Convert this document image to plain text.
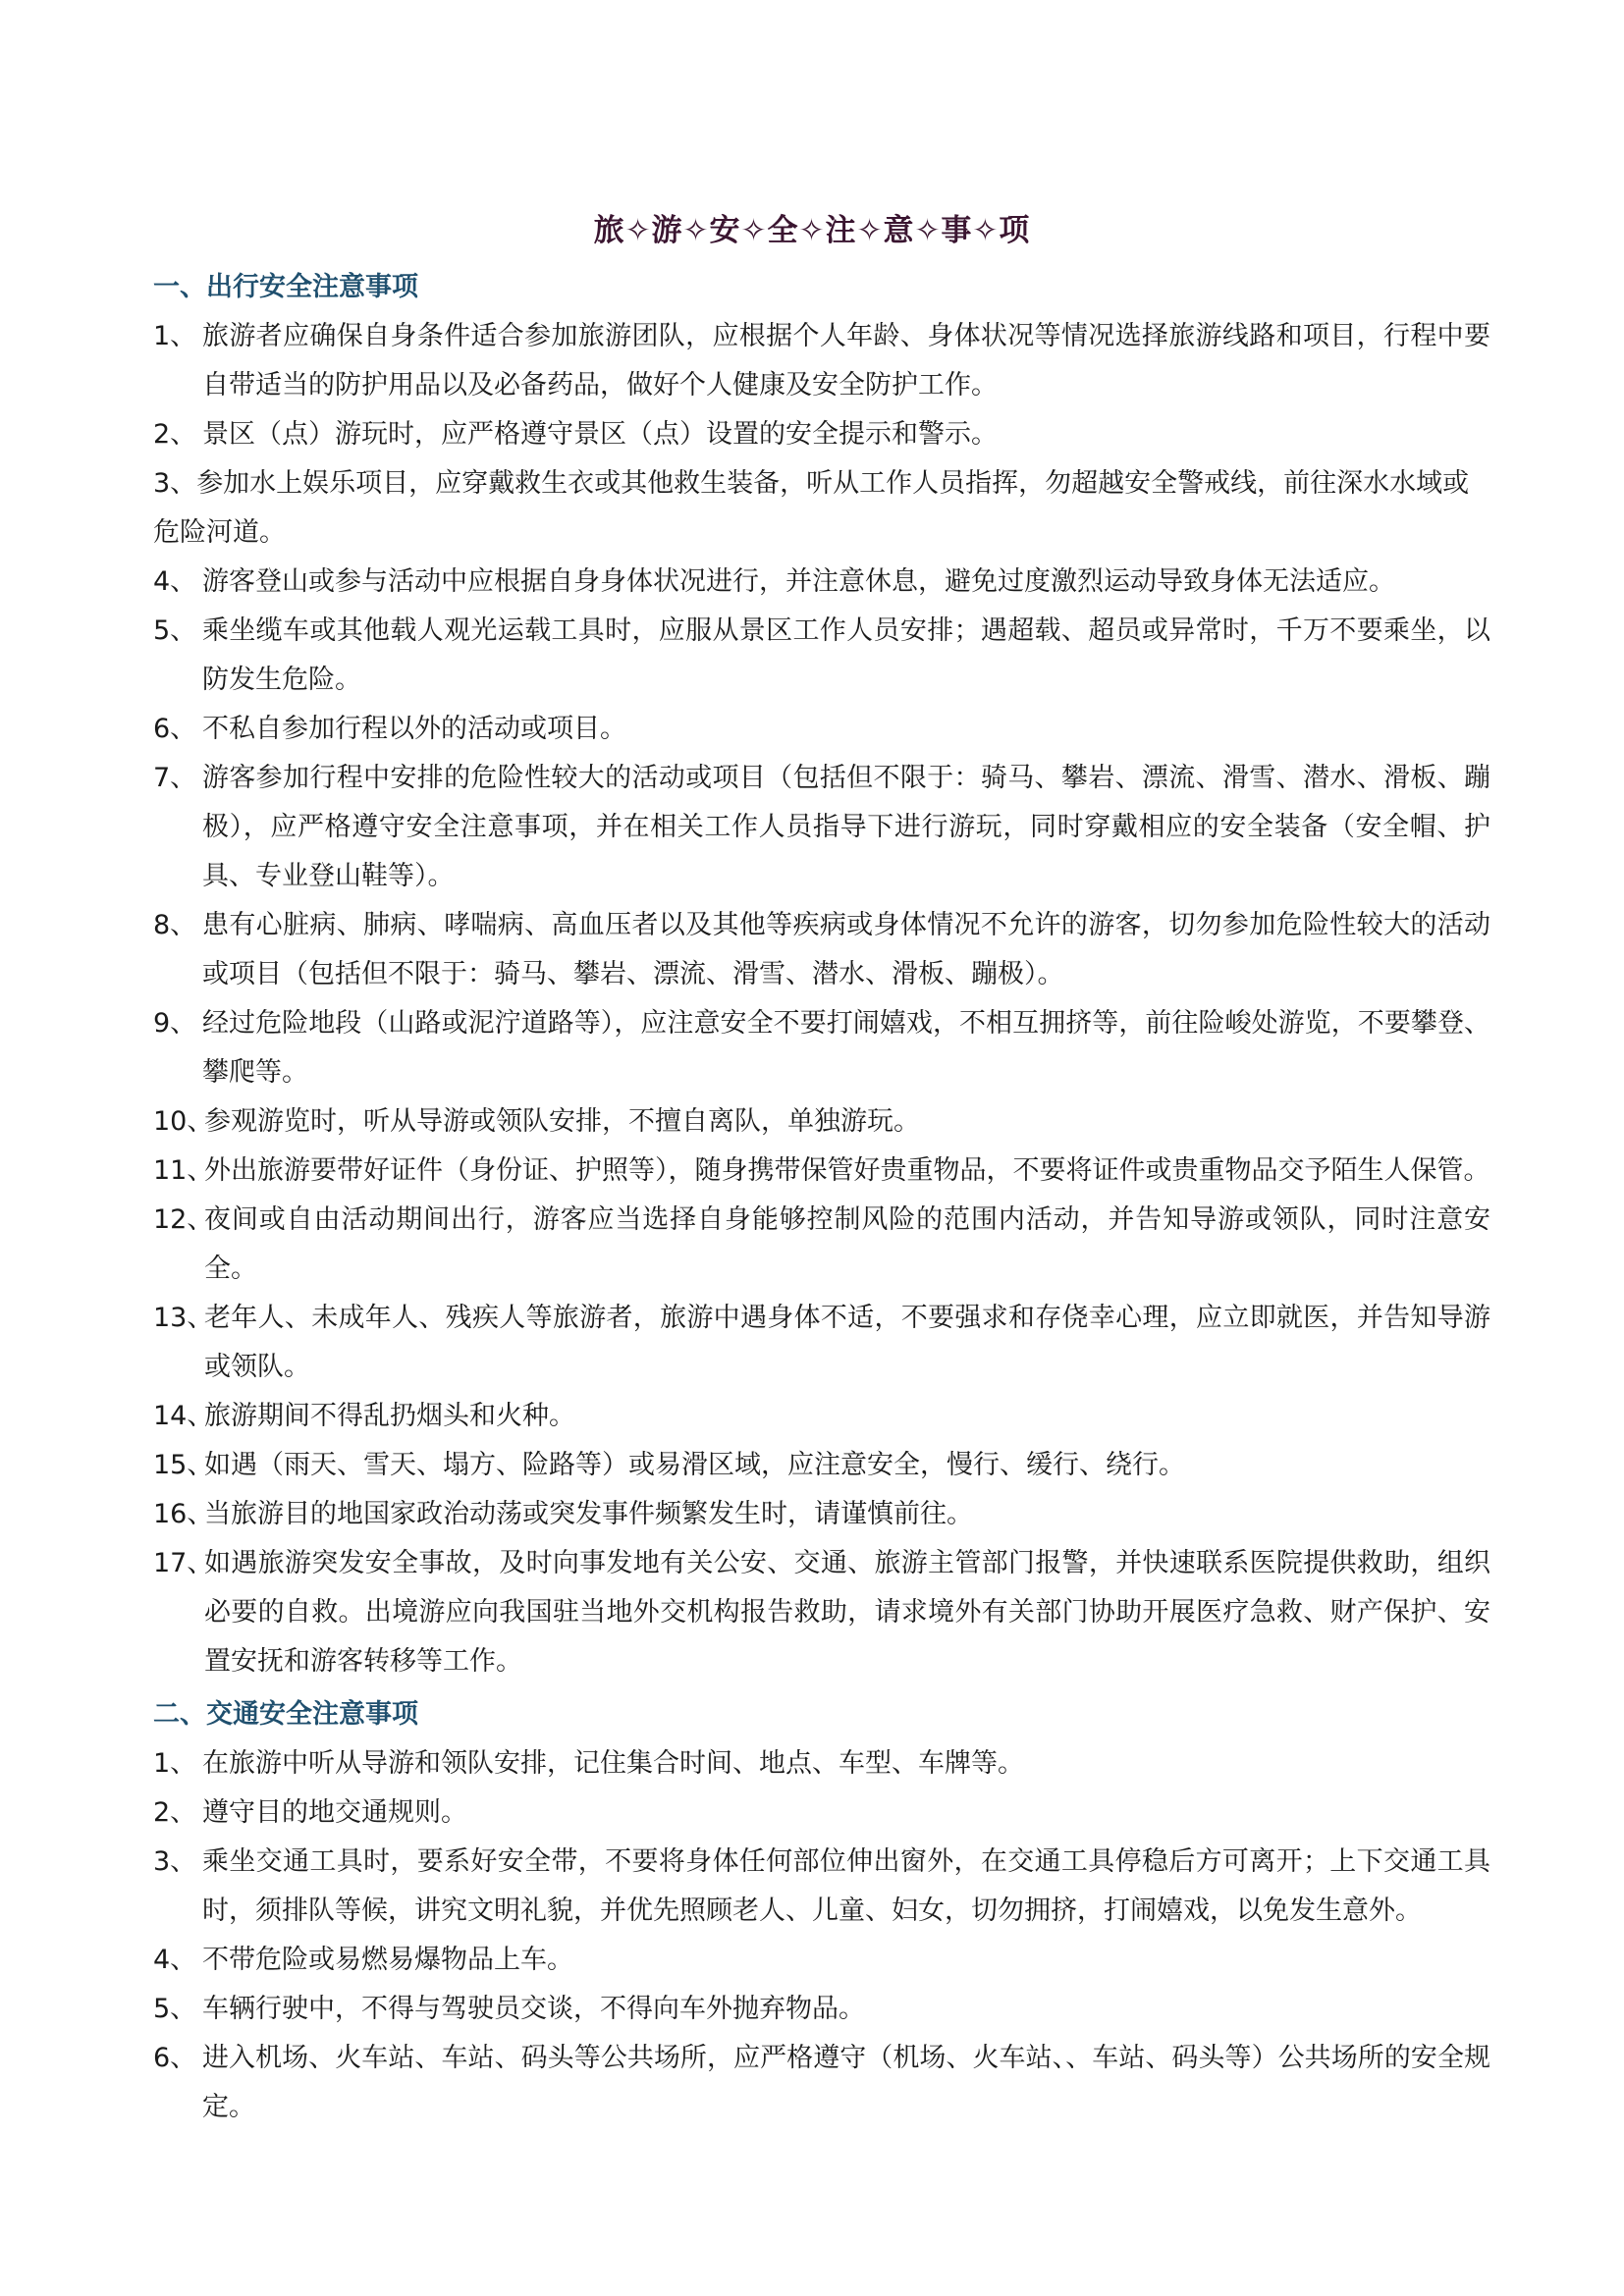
旅✧游✧安✧全✧注✧意✧事✧项
一、出行安全注意事项
1、 旅游者应确保自身条件适合参加旅游团队，应根据个人年龄、身体状况等情况选择旅游线路和项目，行程中要自带适当的防护用品以及必备药品，做好个人健康及安全防护工作。
2、 景区（点）游玩时，应严格遵守景区（点）设置的安全提示和警示。
3、参加水上娱乐项目，应穿戴救生衣或其他救生装备，听从工作人员指挥，勿超越安全警戒线，前往深水水域或危险河道。
4、 游客登山或参与活动中应根据自身身体状况进行，并注意休息，避免过度激烈运动导致身体无法适应。
5、 乘坐缆车或其他载人观光运载工具时，应服从景区工作人员安排；遇超载、超员或异常时，千万不要乘坐，以防发生危险。
6、 不私自参加行程以外的活动或项目。
7、 游客参加行程中安排的危险性较大的活动或项目（包括但不限于：骑马、攀岩、漂流、滑雪、潜水、滑板、蹦极），应严格遵守安全注意事项，并在相关工作人员指导下进行游玩，同时穿戴相应的安全装备（安全帽、护具、专业登山鞋等）。
8、 患有心脏病、肺病、哮喘病、高血压者以及其他等疾病或身体情况不允许的游客，切勿参加危险性较大的活动或项目（包括但不限于：骑马、攀岩、漂流、滑雪、潜水、滑板、蹦极）。
9、 经过危险地段（山路或泥泞道路等），应注意安全不要打闹嬉戏，不相互拥挤等，前往险峻处游览，不要攀登、攀爬等。
10、
参观游览时，听从导游或领队安排，不擅自离队，单独游玩。
11、
外出旅游要带好证件（身份证、护照等），随身携带保管好贵重物品，不要将证件或贵重物品交予陌生人保管。
12、
夜间或自由活动期间出行，游客应当选择自身能够控制风险的范围内活动，并告知导游或领队，同时注意安全。
13、
老年人、未成年人、残疾人等旅游者，旅游中遇身体不适，不要强求和存侥幸心理，应立即就医，并告知导游或领队。
14、
旅游期间不得乱扔烟头和火种。
15、
如遇（雨天、雪天、塌方、险路等）或易滑区域，应注意安全，慢行、缓行、绕行。
16、
当旅游目的地国家政治动荡或突发事件频繁发生时，请谨慎前往。
17、
如遇旅游突发安全事故，及时向事发地有关公安、交通、旅游主管部门报警，并快速联系医院提供救助，组织必要的自救。出境游应向我国驻当地外交机构报告救助，请求境外有关部门协助开展医疗急救、财产保护、安置安抚和游客转移等工作。
二、交通安全注意事项
1、 在旅游中听从导游和领队安排，记住集合时间、地点、车型、车牌等。
2、 遵守目的地交通规则。
3、 乘坐交通工具时，要系好安全带，不要将身体任何部位伸出窗外，在交通工具停稳后方可离开；上下交通工具时，须排队等候，讲究文明礼貌，并优先照顾老人、儿童、妇女，切勿拥挤，打闹嬉戏，以免发生意外。
4、 不带危险或易燃易爆物品上车。
5、 车辆行驶中，不得与驾驶员交谈，不得向车外抛弃物品。
6、 进入机场、火车站、车站、码头等公共场所，应严格遵守（机场、火车站、、车站、码头等）公共场所的安全规定。
